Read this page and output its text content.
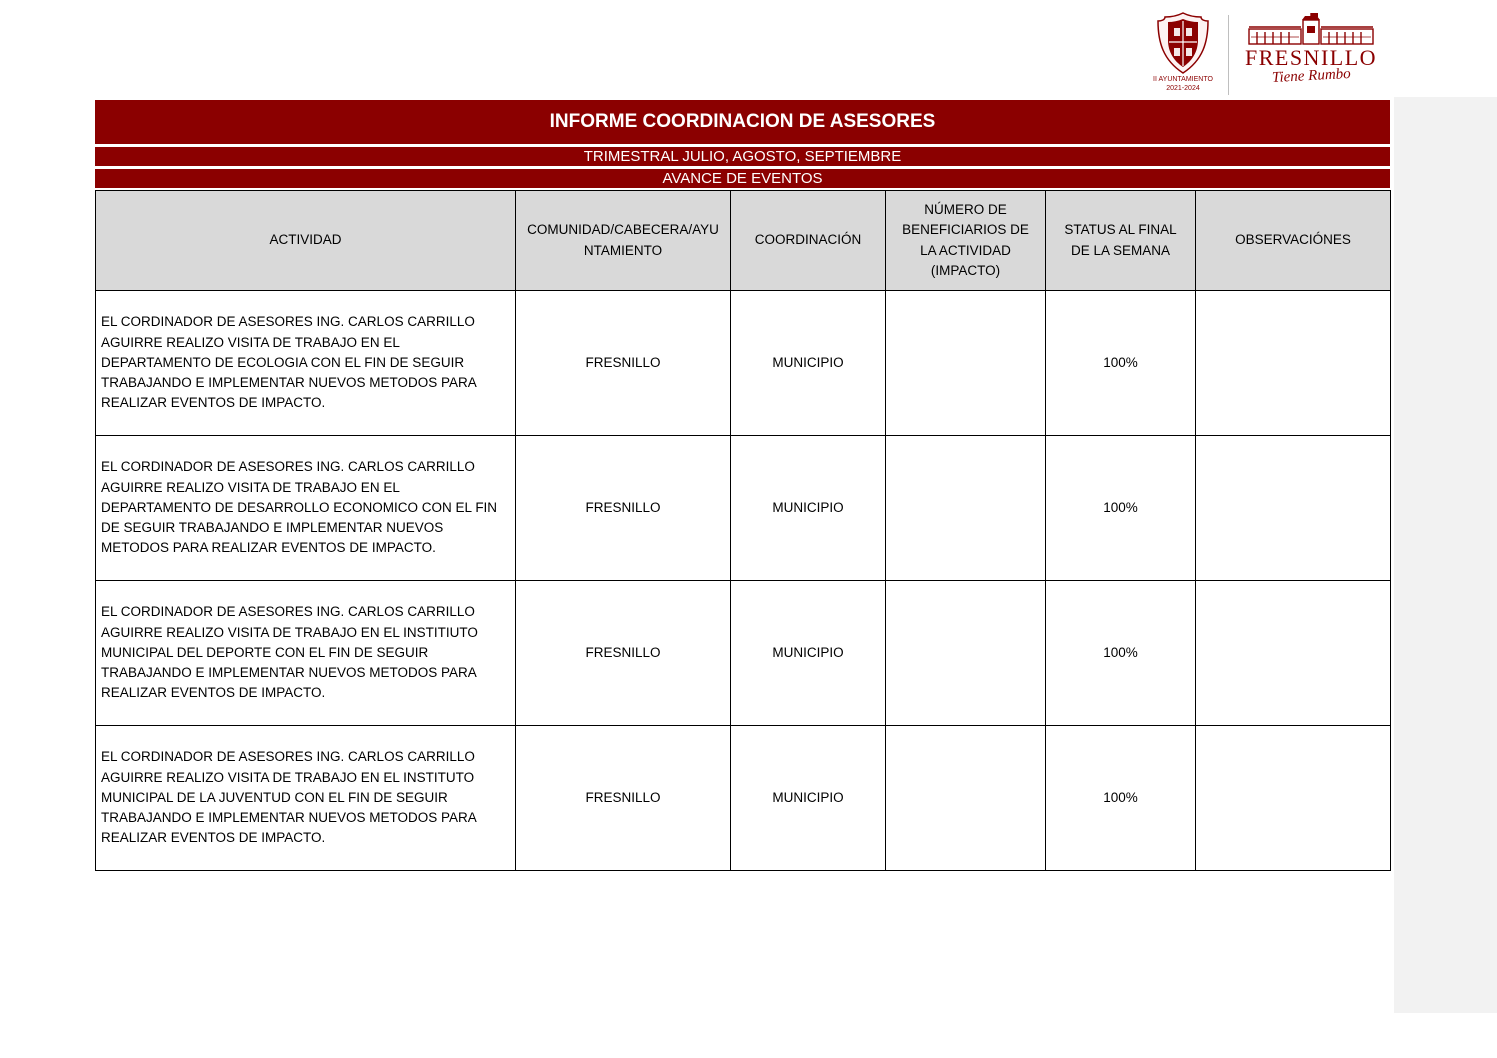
II AYUNTAMIENTO
2021-2024
FRESNILLO
Tiene Rumbo
INFORME COORDINACION DE ASESORES
TRIMESTRAL JULIO, AGOSTO, SEPTIEMBRE
AVANCE DE EVENTOS
ACTIVIDAD	COMUNIDAD/CABECERA/AYUNTAMIENTO	COORDINACIÓN	NÚMERO DE BENEFICIARIOS DE LA ACTIVIDAD (IMPACTO)	STATUS AL FINAL DE LA SEMANA	OBSERVACIÓNES
EL CORDINADOR DE ASESORES ING. CARLOS CARRILLO AGUIRRE REALIZO VISITA DE TRABAJO EN EL DEPARTAMENTO DE ECOLOGIA CON EL FIN DE SEGUIR TRABAJANDO E IMPLEMENTAR NUEVOS METODOS PARA REALIZAR EVENTOS DE IMPACTO.	FRESNILLO	MUNICIPIO		100%	
EL CORDINADOR DE ASESORES ING. CARLOS CARRILLO AGUIRRE REALIZO VISITA DE TRABAJO EN EL DEPARTAMENTO DE DESARROLLO ECONOMICO CON EL FIN DE SEGUIR TRABAJANDO E IMPLEMENTAR NUEVOS METODOS PARA REALIZAR EVENTOS DE IMPACTO.	FRESNILLO	MUNICIPIO		100%	
EL CORDINADOR DE ASESORES ING. CARLOS CARRILLO AGUIRRE REALIZO VISITA DE TRABAJO EN EL INSTITIUTO MUNICIPAL DEL DEPORTE CON EL FIN DE SEGUIR TRABAJANDO E IMPLEMENTAR NUEVOS METODOS PARA REALIZAR EVENTOS DE IMPACTO.	FRESNILLO	MUNICIPIO		100%	
EL CORDINADOR DE ASESORES ING. CARLOS CARRILLO AGUIRRE REALIZO VISITA DE TRABAJO EN EL INSTITUTO MUNICIPAL DE LA JUVENTUD CON EL FIN DE SEGUIR TRABAJANDO E IMPLEMENTAR NUEVOS METODOS PARA REALIZAR EVENTOS DE IMPACTO.	FRESNILLO	MUNICIPIO		100%	
